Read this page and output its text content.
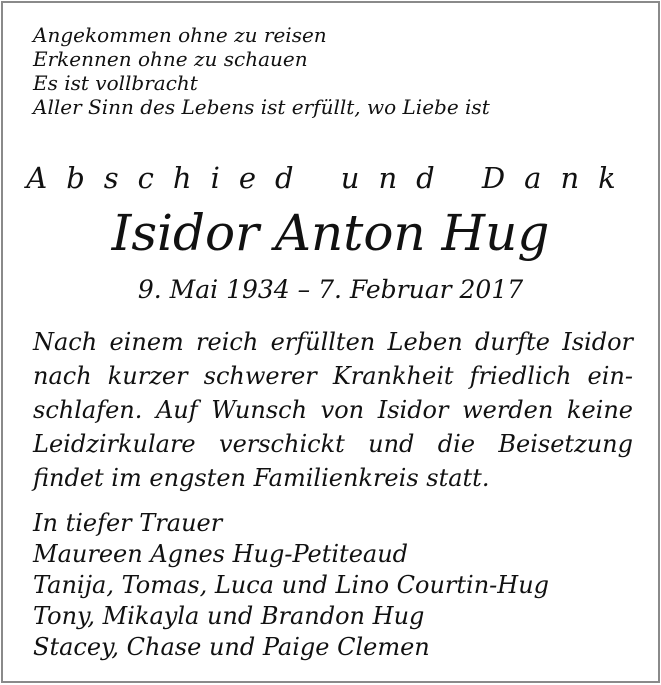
Angekommen ohne zu reisen
Erkennen ohne zu schauen
Es ist vollbracht
Aller Sinn des Lebens ist erfüllt, wo Liebe ist
Abschied und Dank
Isidor Anton Hug
9. Mai 1934 – 7. Februar 2017
Nach einem reich erfüllten Leben durfte Isidor
nach kurzer schwerer Krankheit friedlich ein-
schlafen. Auf Wunsch von Isidor werden keine
Leidzirkulare verschickt und die Beisetzung
findet im engsten Familienkreis statt.
In tiefer Trauer
Maureen Agnes Hug-Petiteaud
Tanija, Tomas, Luca und Lino Courtin-Hug
Tony, Mikayla und Brandon Hug
Stacey, Chase und Paige Clemen
